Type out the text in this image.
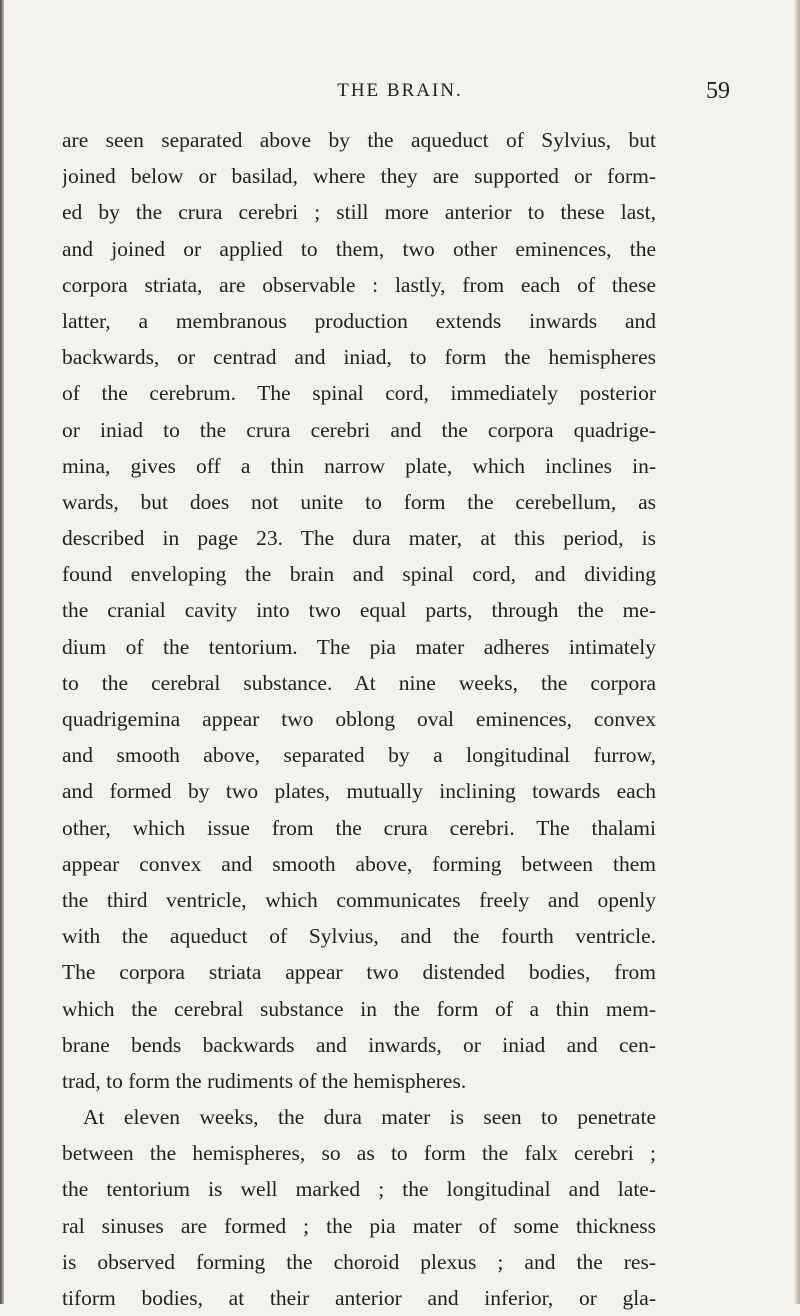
THE BRAIN.	59
are seen separated above by the aqueduct of Sylvius, but
joined below or basilad, where they are supported or form-
ed by the crura cerebri ; still more anterior to these last,
and joined or applied to them, two other eminences, the
corpora striata, are observable : lastly, from each of these
latter, a membranous production extends inwards and
backwards, or centrad and iniad, to form the hemispheres
of the cerebrum. The spinal cord, immediately posterior
or iniad to the crura cerebri and the corpora quadrige-
mina, gives off a thin narrow plate, which inclines in-
wards, but does not unite to form the cerebellum, as
described in page 23. The dura mater, at this period, is
found enveloping the brain and spinal cord, and dividing
the cranial cavity into two equal parts, through the me-
dium of the tentorium. The pia mater adheres intimately
to the cerebral substance. At nine weeks, the corpora
quadrigemina appear two oblong oval eminences, convex
and smooth above, separated by a longitudinal furrow,
and formed by two plates, mutually inclining towards each
other, which issue from the crura cerebri. The thalami
appear convex and smooth above, forming between them
the third ventricle, which communicates freely and openly
with the aqueduct of Sylvius, and the fourth ventricle.
The corpora striata appear two distended bodies, from
which the cerebral substance in the form of a thin mem-
brane bends backwards and inwards, or iniad and cen-
trad, to form the rudiments of the hemispheres.
At eleven weeks, the dura mater is seen to penetrate
between the hemispheres, so as to form the falx cerebri ;
the tentorium is well marked ; the longitudinal and late-
ral sinuses are formed ; the pia mater of some thickness
is observed forming the choroid plexus ; and the res-
tiform bodies, at their anterior and inferior, or gla-
